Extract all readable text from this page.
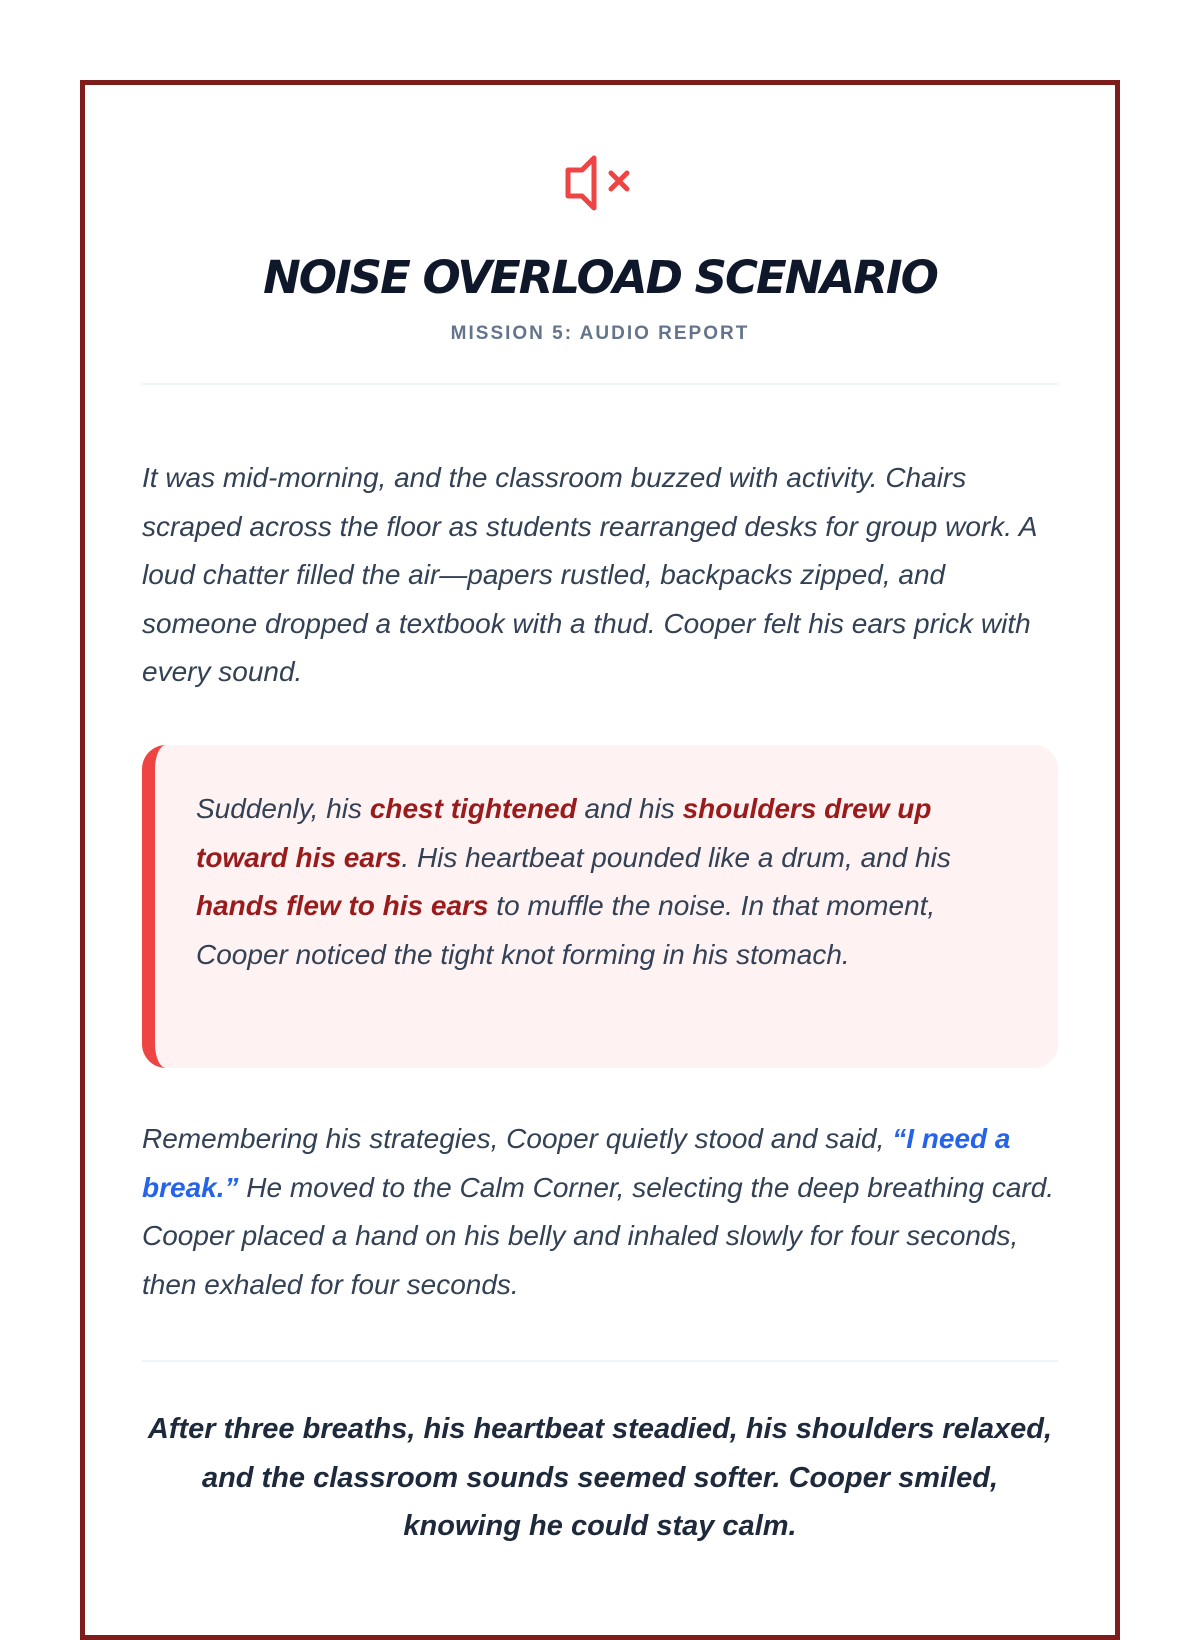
NOISE OVERLOAD SCENARIO
MISSION 5: AUDIO REPORT

It was mid-morning, and the classroom buzzed with activity. Chairs scraped across the floor as students rearranged desks for group work. A loud chatter filled the air—papers rustled, backpacks zipped, and someone dropped a textbook with a thud. Cooper felt his ears prick with every sound.

Suddenly, his chest tightened and his shoulders drew up toward his ears. His heartbeat pounded like a drum, and his hands flew to his ears to muffle the noise. In that moment, Cooper noticed the tight knot forming in his stomach.

Remembering his strategies, Cooper quietly stood and said, “I need a break.” He moved to the Calm Corner, selecting the deep breathing card. Cooper placed a hand on his belly and inhaled slowly for four seconds, then exhaled for four seconds.

After three breaths, his heartbeat steadied, his shoulders relaxed, and the classroom sounds seemed softer. Cooper smiled, knowing he could stay calm.
